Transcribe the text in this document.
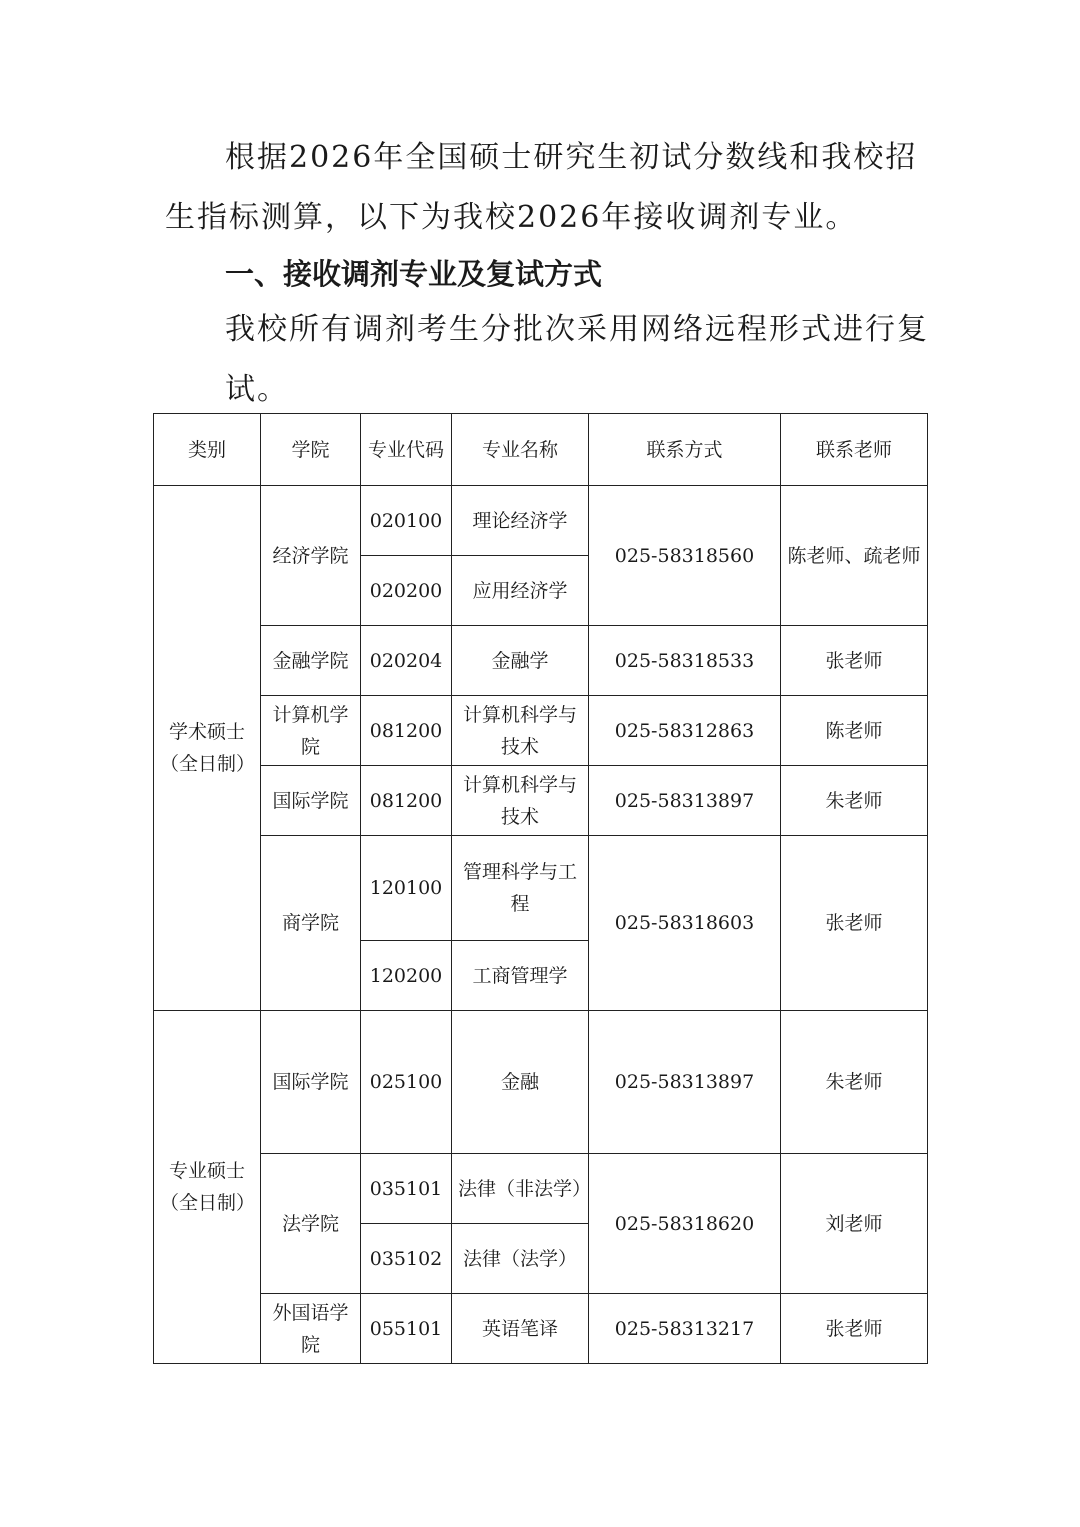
根据2026年全国硕士研究生初试分数线和我校招生指标测算，以下为我校2026年接收调剂专业。

一、接收调剂专业及复试方式

我校所有调剂考生分批次采用网络远程形式进行复试。

类别	学院	专业代码	专业名称	联系方式	联系老师
学术硕士（全日制）	经济学院	020100	理论经济学	025-58318560	陈老师、疏老师
		020200	应用经济学		
	金融学院	020204	金融学	025-58318533	张老师
	计算机学院	081200	计算机科学与技术	025-58312863	陈老师
	国际学院	081200	计算机科学与技术	025-58313897	朱老师
	商学院	120100	管理科学与工程	025-58318603	张老师
		120200	工商管理学		
专业硕士（全日制）	国际学院	025100	金融	025-58313897	朱老师
	法学院	035101	法律（非法学）	025-58318620	刘老师
		035102	法律（法学）		
	外国语学院	055101	英语笔译	025-58313217	张老师
